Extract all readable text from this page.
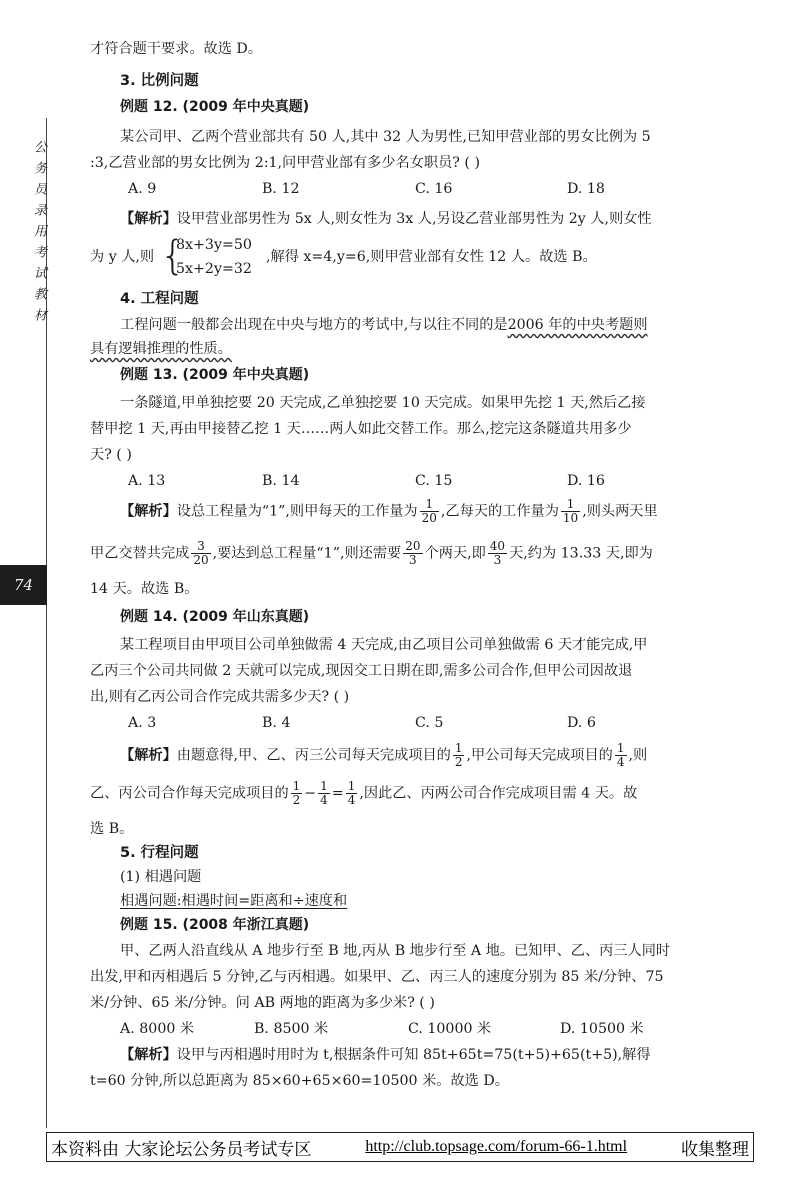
公务员录用考试教材
74
才符合题干要求。故选 D。
3. 比例问题
例题 12. (2009 年中央真题)
某公司甲、乙两个营业部共有 50 人,其中 32 人为男性,已知甲营业部的男女比例为 5
:3,乙营业部的男女比例为 2:1,问甲营业部有多少名女职员? ( )
A. 9	B. 12	C. 16	D. 18
【解析】设甲营业部男性为 5x 人,则女性为 3x 人,另设乙营业部男性为 2y 人,则女性
为 y 人,则 {
8x+3y=50
5x+2y=32
,解得 x=4,y=6,则甲营业部有女性 12 人。故选 B。
4. 工程问题
工程问题一般都会出现在中央与地方的考试中,与以往不同的是2006 年的中央考题则
具有逻辑推理的性质。
例题 13. (2009 年中央真题)
一条隧道,甲单独挖要 20 天完成,乙单独挖要 10 天完成。如果甲先挖 1 天,然后乙接
替甲挖 1 天,再由甲接替乙挖 1 天……两人如此交替工作。那么,挖完这条隧道共用多少
天? ( )
A. 13	B. 14	C. 15	D. 16
【解析】设总工程量为“1”,则甲每天的工作量为 $\frac{1}{20}$ ,乙每天的工作量为 $\frac{1}{10}$ ,则头两天里
甲乙交替共完成 $\frac{3}{20}$ ,要达到总工程量“1”,则还需要 $\frac{20}{3}$ 个两天,即 $\frac{40}{3}$ 天,约为 13.33 天,即为
14 天。故选 B。
例题 14. (2009 年山东真题)
某工程项目由甲项目公司单独做需 4 天完成,由乙项目公司单独做需 6 天才能完成,甲
乙丙三个公司共同做 2 天就可以完成,现因交工日期在即,需多公司合作,但甲公司因故退
出,则有乙丙公司合作完成共需多少天? ( )
A. 3	B. 4	C. 5	D. 6
【解析】由题意得,甲、乙、丙三公司每天完成项目的 $\frac{1}{2}$ ,甲公司每天完成项目的 $\frac{1}{4}$ ,则
乙、丙公司合作每天完成项目的 $\frac{1}{2} - \frac{1}{4} = \frac{1}{4}$ ,因此乙、丙两公司合作完成项目需 4 天。故
选 B。
5. 行程问题
(1) 相遇问题
相遇问题:相遇时间=距离和÷速度和
例题 15. (2008 年浙江真题)
甲、乙两人沿直线从 A 地步行至 B 地,丙从 B 地步行至 A 地。已知甲、乙、丙三人同时
出发,甲和丙相遇后 5 分钟,乙与丙相遇。如果甲、乙、丙三人的速度分别为 85 米/分钟、75
米/分钟、65 米/分钟。问 AB 两地的距离为多少米? ( )
A. 8000 米	B. 8500 米	C. 10000 米	D. 10500 米
【解析】设甲与丙相遇时用时为 t,根据条件可知 85t+65t=75(t+5)+65(t+5),解得
t=60 分钟,所以总距离为 85×60+65×60=10500 米。故选 D。
本资料由 大家论坛公务员考试专区	http://club.topsage.com/forum-66-1.html	收集整理
